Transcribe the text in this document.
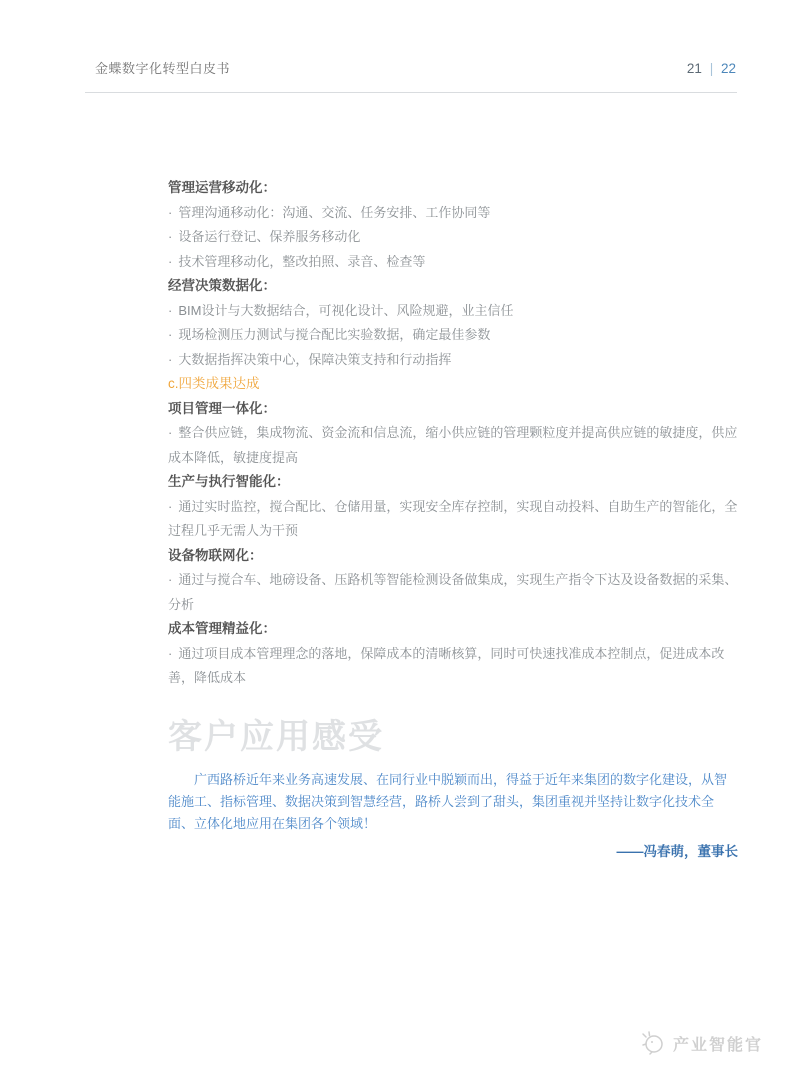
金蝶数字化转型白皮书	21 | 22
管理运营移动化：

· 管理沟通移动化：沟通、交流、任务安排、工作协同等

· 设备运行登记、保养服务移动化

· 技术管理移动化，整改拍照、录音、检查等

经营决策数据化：

· BIM设计与大数据结合，可视化设计、风险规避，业主信任

· 现场检测压力测试与搅合配比实验数据，确定最佳参数

· 大数据指挥决策中心，保障决策支持和行动指挥

c.四类成果达成
项目管理一体化：

· 整合供应链，集成物流、资金流和信息流，缩小供应链的管理颗粒度并提高供应链的敏捷度，供应成本降低，敏捷度提高

生产与执行智能化：

· 通过实时监控，搅合配比、仓储用量，实现安全库存控制，实现自动投料、自助生产的智能化，全过程几乎无需人为干预

设备物联网化：

· 通过与搅合车、地磅设备、压路机等智能检测设备做集成，实现生产指令下达及设备数据的采集、分析

成本管理精益化：

· 通过项目成本管理理念的落地，保障成本的清晰核算，同时可快速找准成本控制点，促进成本改善，降低成本

客户应用感受

广西路桥近年来业务高速发展、在同行业中脱颖而出，得益于近年来集团的数字化建设，从智能施工、指标管理、数据决策到智慧经营，路桥人尝到了甜头，集团重视并坚持让数字化技术全面、立体化地应用在集团各个领域！

——冯春萌，董事长

产业智能官
